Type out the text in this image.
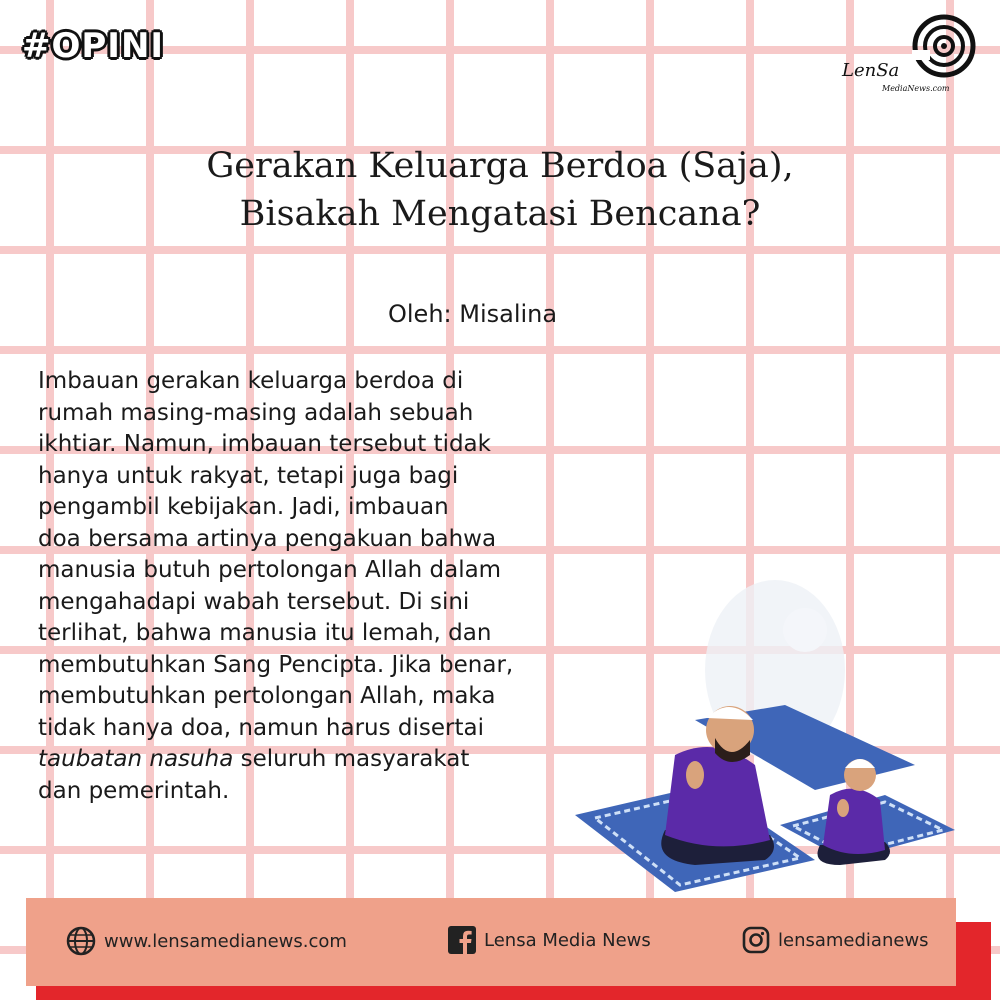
#OPINI
LenSa
MediaNews.com
Gerakan Keluarga Berdoa (Saja),
Bisakah Mengatasi Bencana?
Oleh: Misalina
Imbauan gerakan keluarga berdoa di
rumah masing-masing adalah sebuah
ikhtiar. Namun, imbauan tersebut tidak
hanya untuk rakyat, tetapi juga bagi
pengambil kebijakan. Jadi, imbauan
doa bersama artinya pengakuan bahwa
manusia butuh pertolongan Allah dalam
mengahadapi wabah tersebut. Di sini
terlihat, bahwa manusia itu lemah, dan
membutuhkan Sang Pencipta. Jika benar,
membutuhkan pertolongan Allah, maka
tidak hanya doa, namun harus disertai
taubatan nasuha seluruh masyarakat
dan pemerintah.
www.lensamedianews.com	Lensa Media News	lensamedianews
